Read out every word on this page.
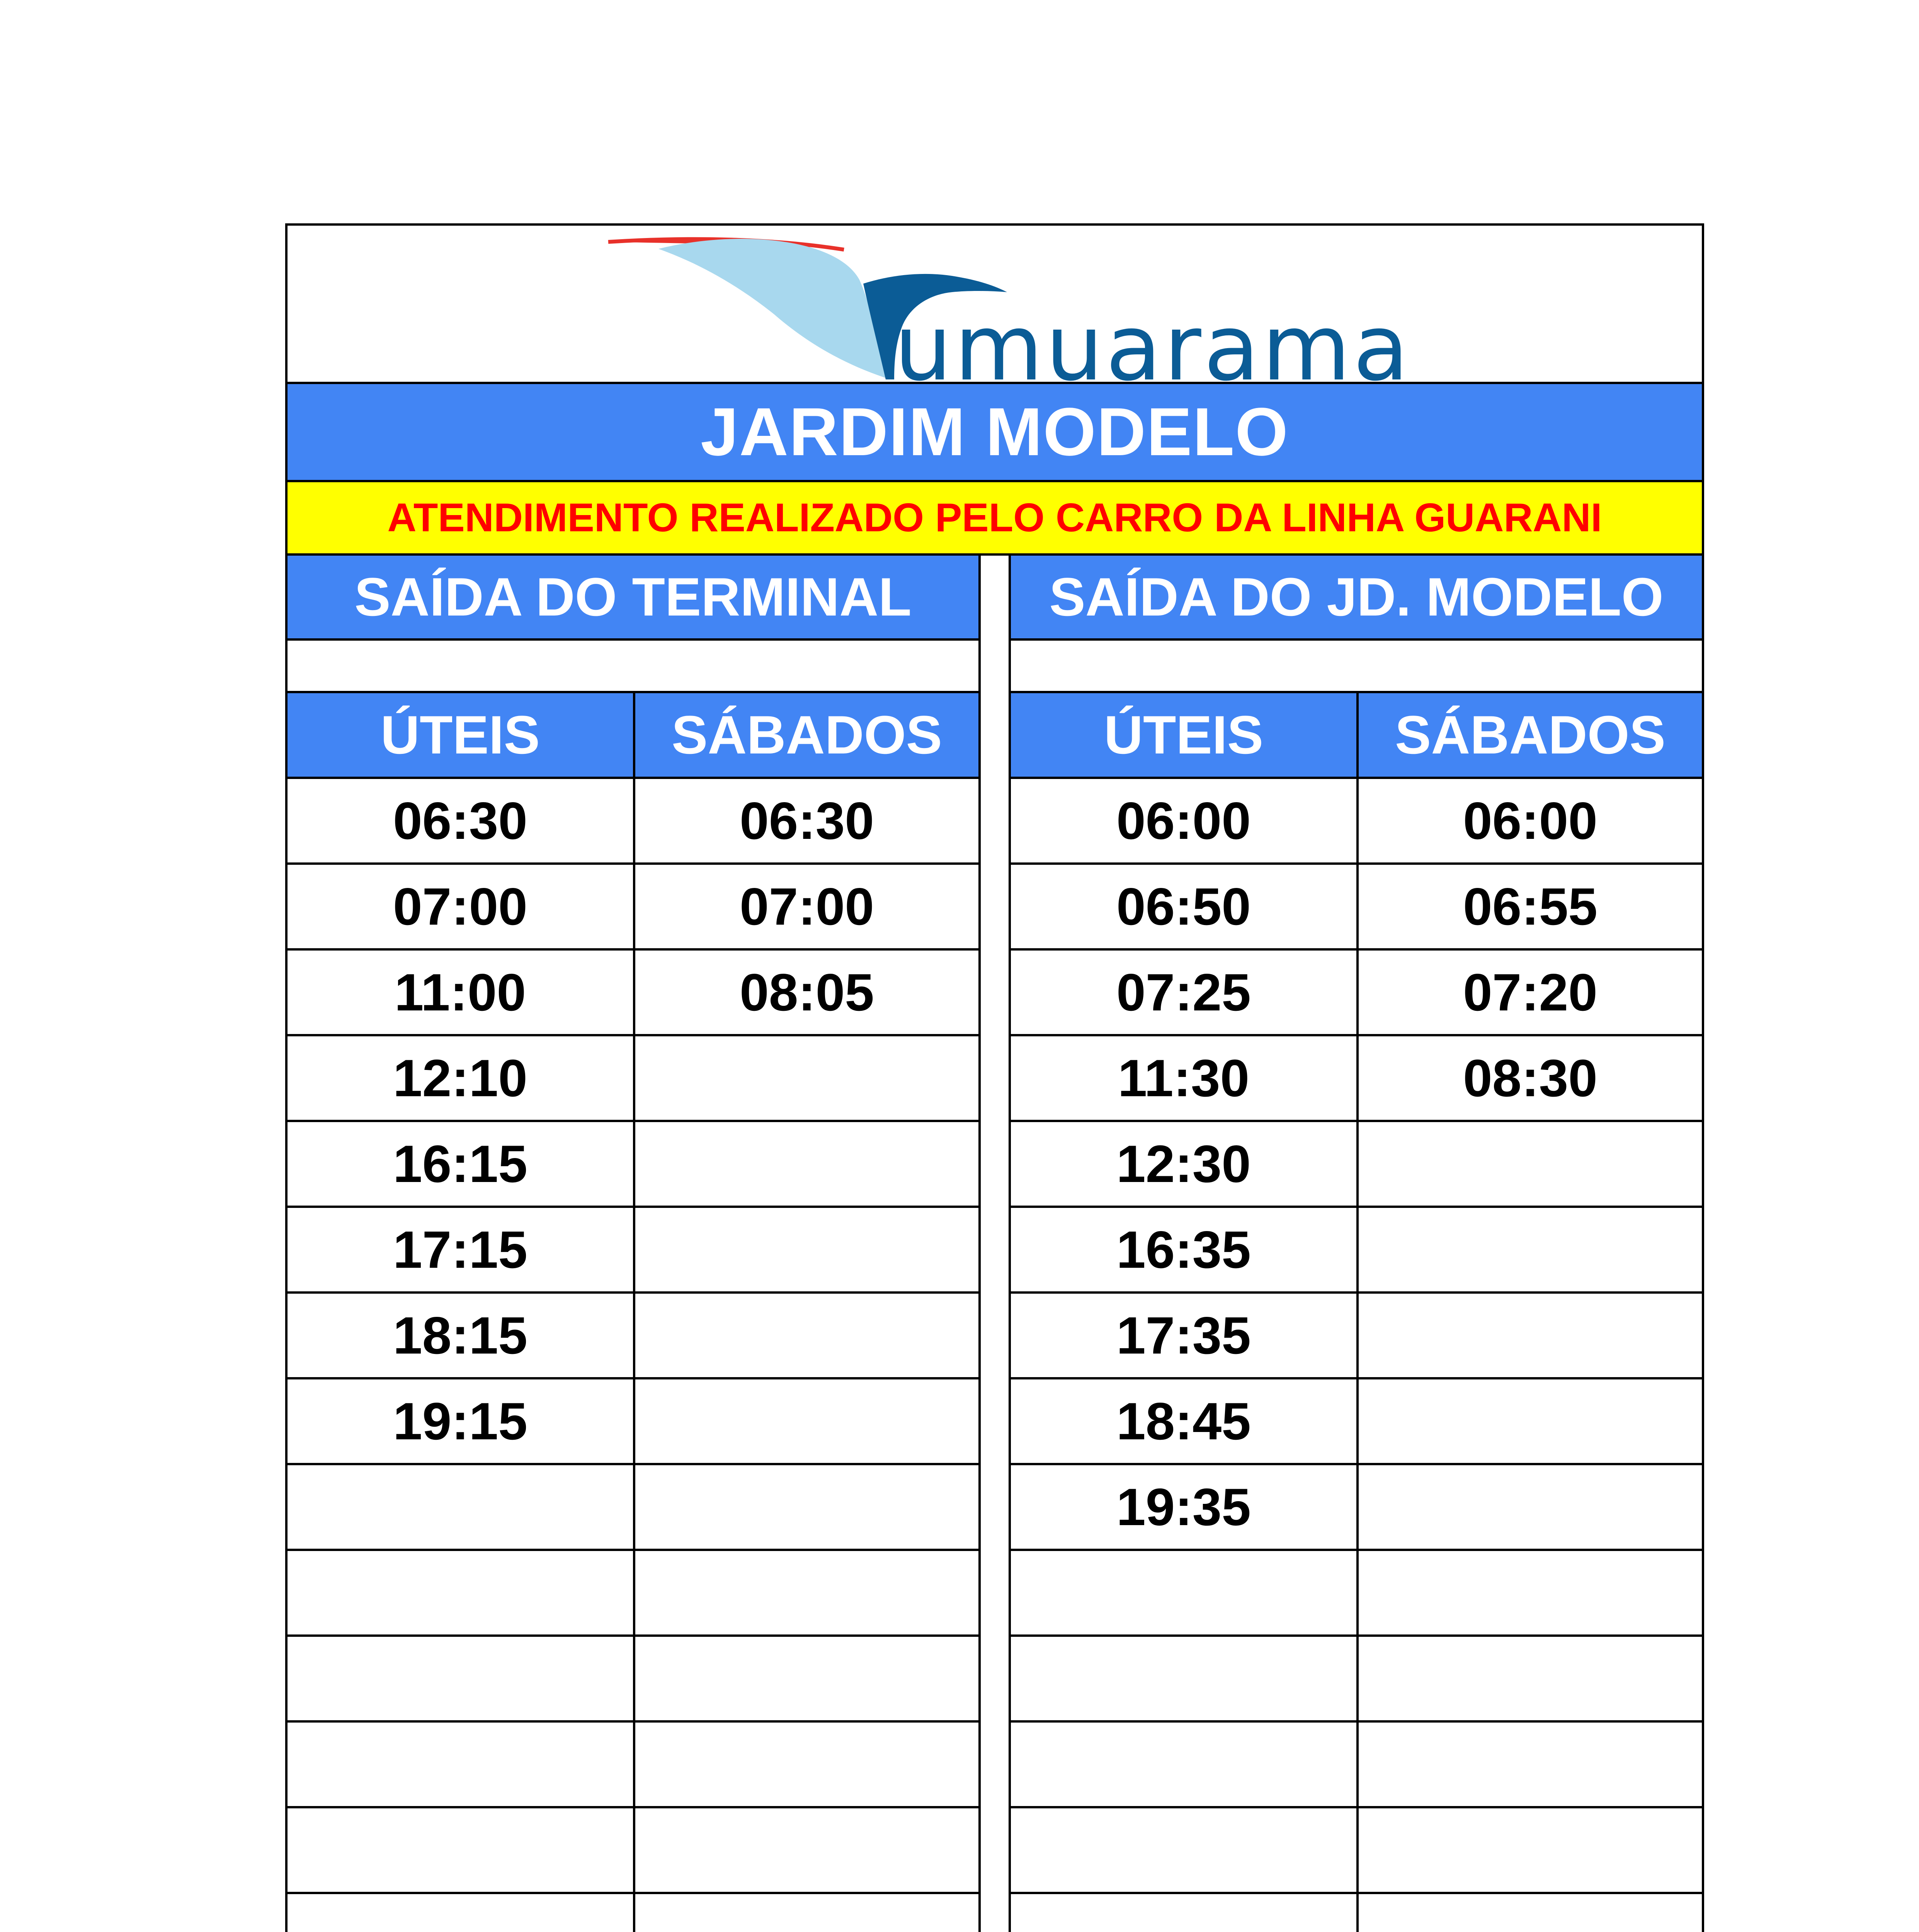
umuarama
JARDIM MODELO
ATENDIMENTO REALIZADO PELO CARRO DA LINHA GUARANI
SAÍDA DO TERMINAL
ÚTEIS	SÁBADOS
06:30	06:30
07:00	07:00
11:00	08:05
12:10
16:15
17:15
18:15
19:15
SAÍDA DO JD. MODELO
ÚTEIS	SÁBADOS
06:00	06:00
06:50	06:55
07:25	07:20
11:30	08:30
12:30
16:35
17:35
18:45
19:35
